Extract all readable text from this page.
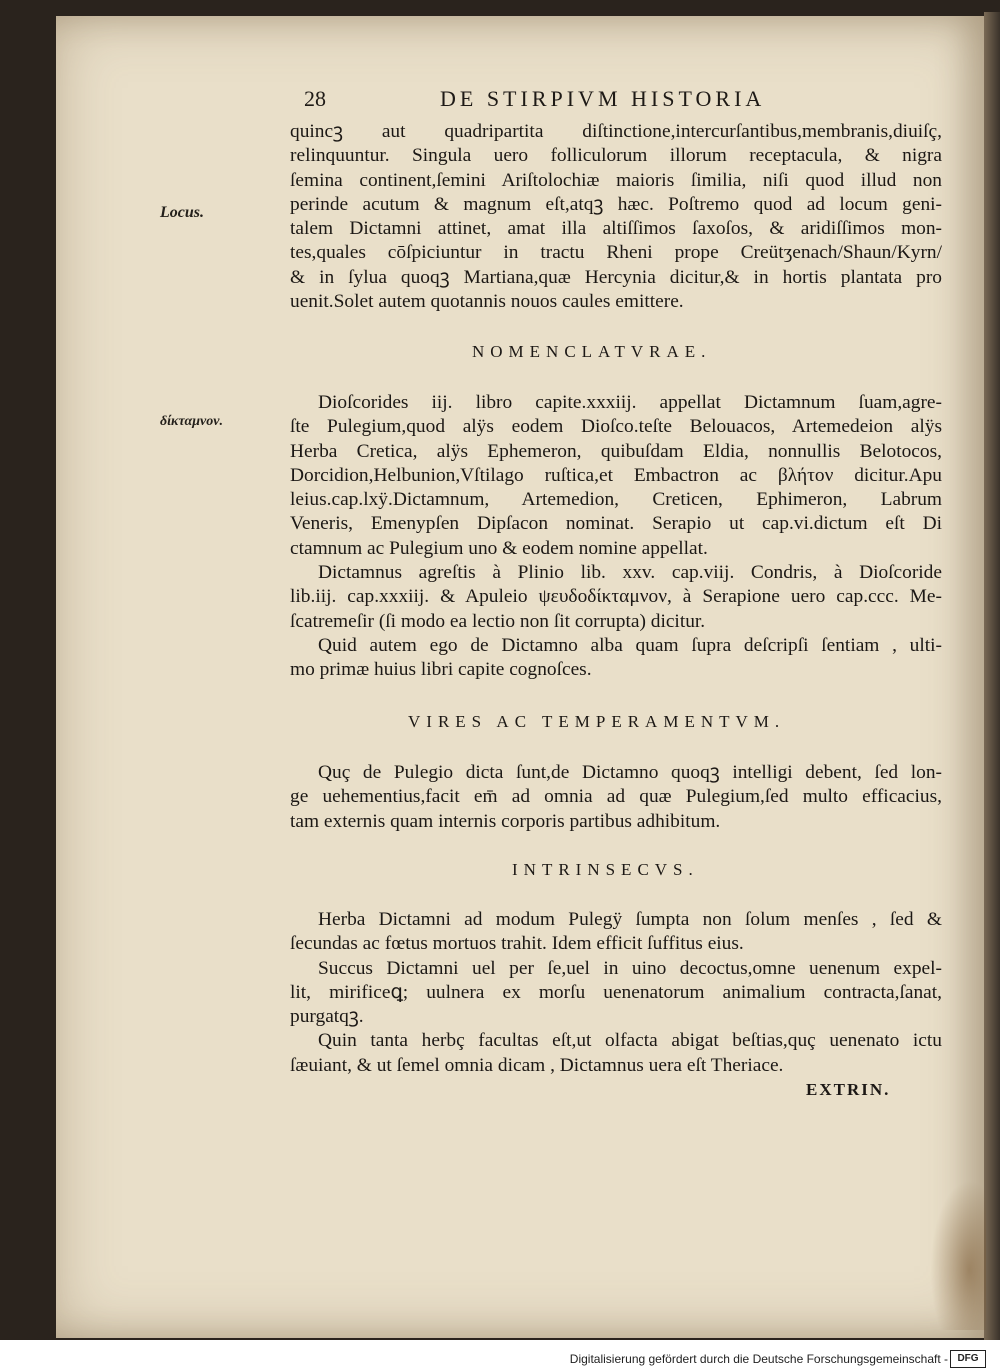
28	DE STIRPIVM HISTORIA
Locus.
δίκταμνον.
quincꝫ aut quadripartita diſtinctione,intercurſantibus,membranis,diuiſç,
relinquuntur. Singula uero folliculorum illorum receptacula, & nigra
ſemina continent,ſemini Ariſtolochiæ maioris ſimilia, niſi quod illud non
perinde acutum & magnum eſt,atqꝫ hæc. Poſtremo quod ad locum geni-
talem Dictamni attinet, amat illa altiſſimos ſaxoſos, & aridiſſimos mon-
tes,quales cōſpiciuntur in tractu Rheni prope Creütʒenach/Shaun/Kyrn/
& in ſylua quoqꝫ Martiana,quæ Hercynia dicitur,& in hortis plantata pro
uenit.Solet autem quotannis nouos caules emittere.
NOMENCLATVRAE.
Dioſcorides iij. libro capite.xxxiij. appellat Dictamnum ſuam,agre-
ſte Pulegium,quod alÿs eodem Dioſco.teſte Belouacos, Artemedeion alÿs
Herba Cretica, alÿs Ephemeron, quibuſdam Eldia, nonnullis Belotocos,
Dorcidion,Helbunion,Vſtilago ruſtica,et Embactron ac βλήτον dicitur.Apu
leius.cap.lxÿ.Dictamnum, Artemedion, Creticen, Ephimeron, Labrum
Veneris, Emenypſen Dipſacon nominat. Serapio ut cap.vi.dictum eſt Di
ctamnum ac Pulegium uno & eodem nomine appellat.
Dictamnus agreſtis à Plinio lib. xxv. cap.viij. Condris, à Dioſcoride
lib.iij. cap.xxxiij. & Apuleio ψευδοδίκταμνον, à Serapione uero cap.ccc. Me-
ſcatremeſir (ſi modo ea lectio non ſit corrupta) dicitur.
Quid autem ego de Dictamno alba quam ſupra deſcripſi ſentiam , ulti-
mo primæ huius libri capite cognoſces.
VIRES AC TEMPERAMENTVM.
Quç de Pulegio dicta ſunt,de Dictamno quoqꝫ intelligi debent, ſed lon-
ge uehementius,facit em̄ ad omnia ad quæ Pulegium,ſed multo efficacius,
tam externis quam internis corporis partibus adhibitum.
INTRINSECVS.
Herba Dictamni ad modum Pulegÿ ſumpta non ſolum menſes , ſed &
ſecundas ac fœtus mortuos trahit. Idem efficit ſuffitus eius.
Succus Dictamni uel per ſe,uel in uino decoctus,omne uenenum expel-
lit, mirificeꝗ; uulnera ex morſu uenenatorum animalium contracta,ſanat,
purgatqꝫ.
Quin tanta herbç facultas eſt,ut olfacta abigat beſtias,quç uenenato ictu
ſæuiant, & ut ſemel omnia dicam , Dictamnus uera eſt Theriace.
EXTRIN.
Digitalisierung gefördert durch die Deutsche Forschungsgemeinschaft - DFG
